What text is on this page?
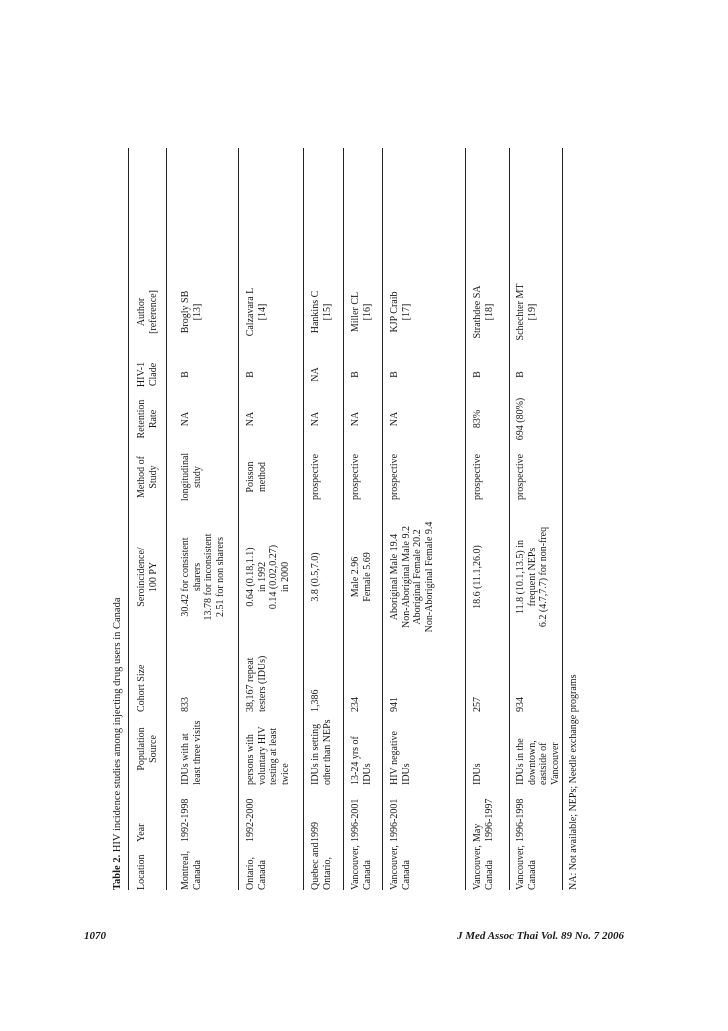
Table 2. HIV incidence studies among injecting drug users in Canada
Location
Year
Population
Source
Cohort Size
Seroincidence/
100 PY
Method of
Study
Retention
Rate
HIV-1
Clade
Author
[reference]
Montreal,
Canada
1992-1998
IDUs with at
least three visits
833
30.42 for consistent
sharers
13.78 for inconsistent
2.51 for non sharers
longitudinal
study
NA
B
Brogly SB
[13]
Ontario,
Canada
1992-2000
persons with
voluntary HIV
testing at least
twice
38,167 repeat
testers (IDUs)
0.64 (0.18,1.1)
in 1992
0.14 (0.02,0.27)
in 2000
Poisson
method
NA
B
Calzavara L
[14]
Quebec and
Ontario,
1999
IDUs in setting
other than NEPs
1,386
3.8 (0.5,7.0)
prospective
NA
NA
Hankins C
[15]
Vancouver,
Canada
1996-2001
13-24 yrs of
IDUs
234
Male 2.96
Female 5.69
prospective
NA
B
Miller CL
[16]
Vancouver,
Canada
1996-2001
HIV negative
IDUs
941
Aboriginal Male 19.4
Non-Aboriginal Male 9.2
Aboriginal Female 20.2
Non-Aboriginal Female 9.4
prospective
NA
B
KJP Craib
[17]
Vancouver,
Canada
May
1996-1997
IDUs
257
18.6 (11.1,26.0)
prospective
83%
B
Strathdee SA
[18]
Vancouver,
Canada
1996-1998
IDUs in the
downtown,
eastside of
Vancouver
934
11.8 (10.1,13.5) in
frequent NEPs
6.2 (4.7,7.7) for non-freq
prospective
694 (80%)
B
Schechter MT
[19]
NA: Not available; NEPs; Needle exchange programs
1070	J Med Assoc Thai Vol. 89 No. 7 2006
